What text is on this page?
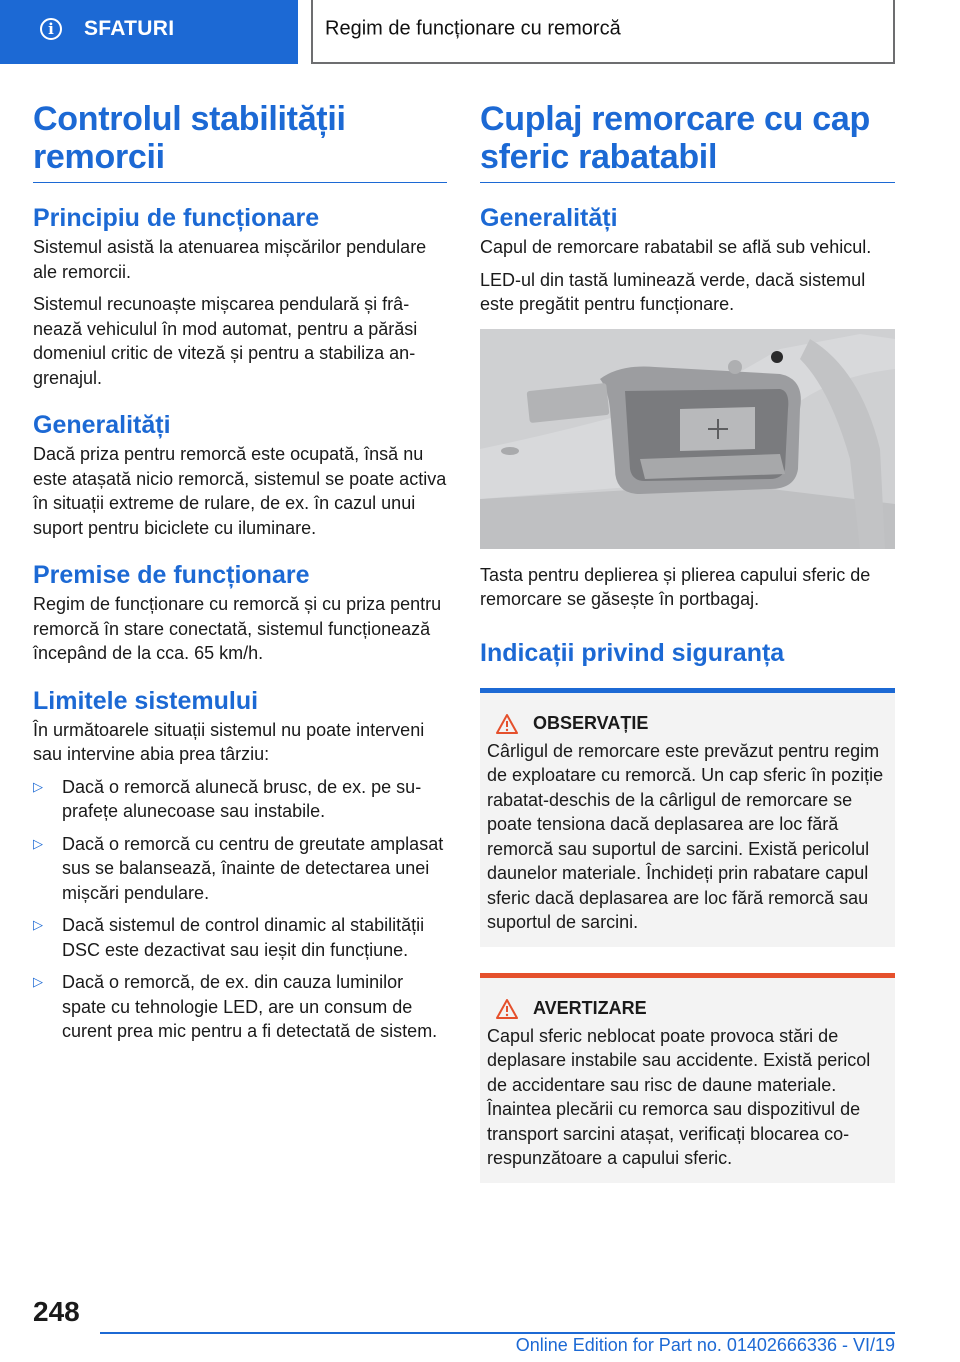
i	SFATURI	Regim de funcționare cu remorcă
Controlul stabilității remorcii
Principiu de funcționare

Sistemul asistă la atenuarea mișcărilor pendulare ale remorcii.

Sistemul recunoaște mișcarea pendulară și frânează vehiculul în mod automat, pentru a părăsi domeniul critic de viteză și pentru a stabiliza angrenajul.

Generalități

Dacă priza pentru remorcă este ocupată, însă nu este atașată nicio remorcă, sistemul se poate activa în situații extreme de rulare, de ex. în cazul unui suport pentru biciclete cu iluminare.

Premise de funcționare

Regim de funcționare cu remorcă și cu priza pentru remorcă în stare conectată, sistemul funcționează începând de la cca. 65 km/h.

Limitele sistemului

În următoarele situații sistemul nu poate interveni sau intervine abia prea târziu:

▷ Dacă o remorcă alunecă brusc, de ex. pe suprafețe alunecoase sau instabile.
▷ Dacă o remorcă cu centru de greutate amplasat sus se balansează, înainte de detectarea unei mișcări pendulare.
▷ Dacă sistemul de control dinamic al stabilității DSC este dezactivat sau ieșit din funcțiune.
▷ Dacă o remorcă, de ex. din cauza luminilor spate cu tehnologie LED, are un consum de curent prea mic pentru a fi detectată de sistem.
Cuplaj remorcare cu cap sferic rabatabil
Generalități

Capul de remorcare rabatabil se află sub vehicul.

LED-ul din tastă luminează verde, dacă sistemul este pregătit pentru funcționare.

Tasta pentru deplierea și plierea capului sferic de remorcare se găsește în portbagaj.

Indicații privind siguranța
OBSERVAȚIE

Cârligul de remorcare este prevăzut pentru regim de exploatare cu remorcă. Un cap sferic în poziție rabatat-deschis de la cârligul de remorcare se poate tensiona dacă deplasarea are loc fără remorcă sau suportul de sarcini. Există pericolul daunelor materiale. Închideți prin rabatare capul sferic dacă deplasarea are loc fără remorcă sau suportul de sarcini.

AVERTIZARE

Capul sferic neblocat poate provoca stări de deplasare instabile sau accidente. Există pericol de accidentare sau risc de daune materiale. Înaintea plecării cu remorca sau dispozitivul de transport sarcini atașat, verificați blocarea corespunzătoare a capului sferic.

248
Online Edition for Part no. 01402666336 - VI/19
